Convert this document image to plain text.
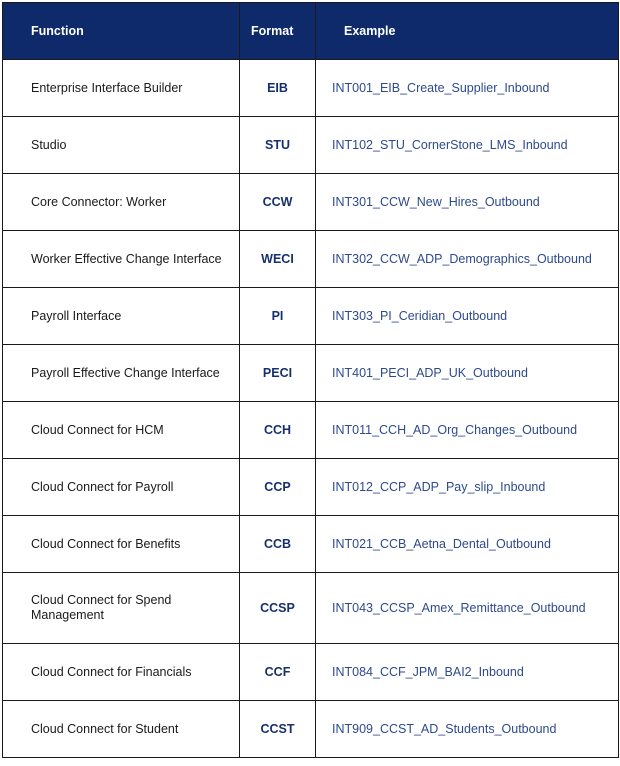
Function	Format	Example
Enterprise Interface Builder	EIB	INT001_EIB_Create_Supplier_Inbound
Studio	STU	INT102_STU_CornerStone_LMS_Inbound
Core Connector: Worker	CCW	INT301_CCW_New_Hires_Outbound
Worker Effective Change Interface	WECI	INT302_CCW_ADP_Demographics_Outbound
Payroll Interface	PI	INT303_PI_Ceridian_Outbound
Payroll Effective Change Interface	PECI	INT401_PECI_ADP_UK_Outbound
Cloud Connect for HCM	CCH	INT011_CCH_AD_Org_Changes_Outbound
Cloud Connect for Payroll	CCP	INT012_CCP_ADP_Pay_slip_Inbound
Cloud Connect for Benefits	CCB	INT021_CCB_Aetna_Dental_Outbound
Cloud Connect for Spend Management	CCSP	INT043_CCSP_Amex_Remittance_Outbound
Cloud Connect for Financials	CCF	INT084_CCF_JPM_BAI2_Inbound
Cloud Connect for Student	CCST	INT909_CCST_AD_Students_Outbound
